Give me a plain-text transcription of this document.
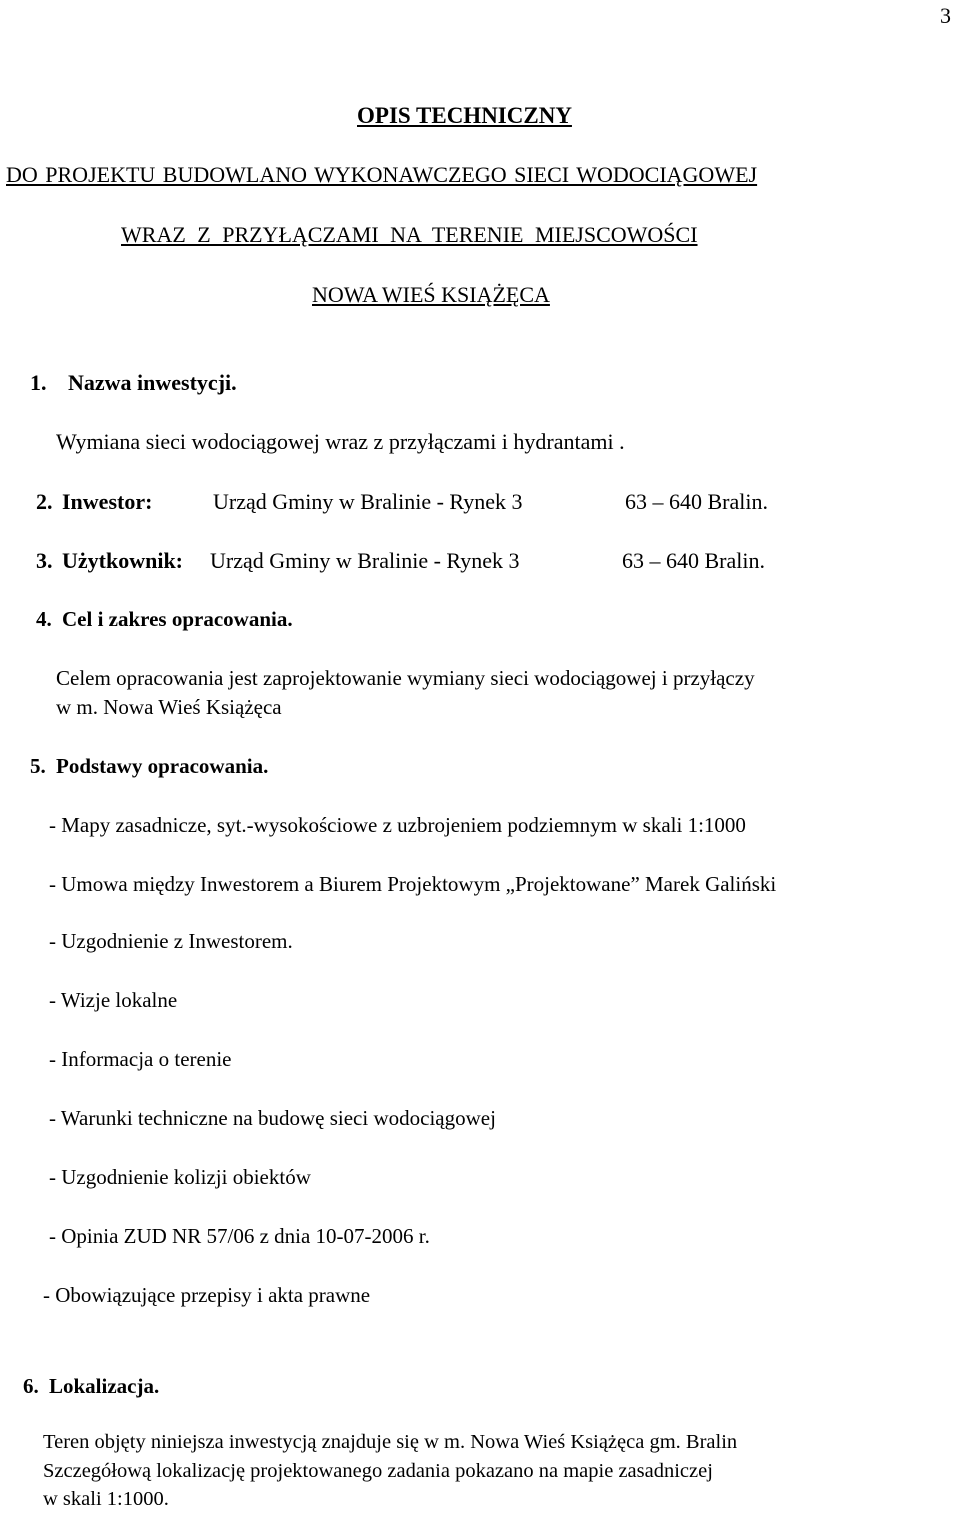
3
OPIS TECHNICZNY
DO PROJEKTU BUDOWLANO WYKONAWCZEGO SIECI WODOCIĄGOWEJ
WRAZ Z PRZYŁĄCZAMI NA TERENIE MIEJSCOWOŚCI
NOWA WIEŚ KSIĄŻĘCA
1. Nazwa inwestycji.
Wymiana sieci wodociągowej wraz z przyłączami i hydrantami .
2. Inwestor:	Urząd Gminy w Bralinie - Rynek 3	63 – 640 Bralin.
3. Użytkownik: Urząd Gminy w Bralinie - Rynek 3	63 – 640 Bralin.
4. Cel i zakres opracowania.
Celem opracowania jest zaprojektowanie wymiany sieci wodociągowej i przyłączy
w m. Nowa Wieś Książęca
5. Podstawy opracowania.
- Mapy zasadnicze, syt.-wysokościowe z uzbrojeniem podziemnym w skali 1:1000
- Umowa między Inwestorem a Biurem Projektowym „Projektowane” Marek Galiński
- Uzgodnienie z Inwestorem.
- Wizje lokalne
- Informacja o terenie
- Warunki techniczne na budowę sieci wodociągowej
- Uzgodnienie kolizji obiektów
- Opinia ZUD NR 57/06 z dnia 10-07-2006 r.
- Obowiązujące przepisy i akta prawne
6. Lokalizacja.
Teren objęty niniejsza inwestycją znajduje się w m. Nowa Wieś Książęca gm. Bralin
Szczegółową lokalizację projektowanego zadania pokazano na mapie zasadniczej
w skali 1:1000.
